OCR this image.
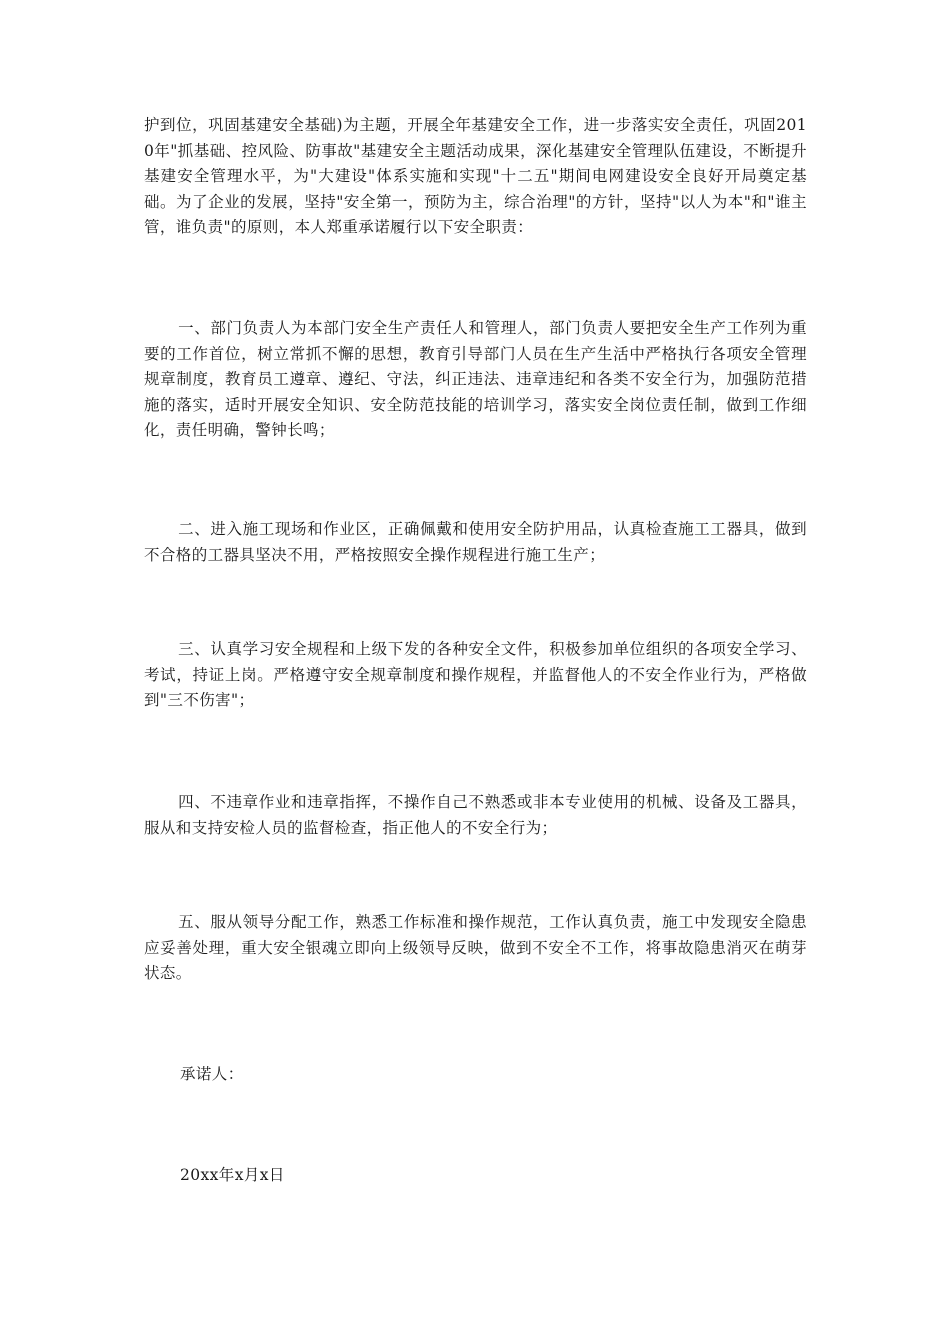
护到位，巩固基建安全基础)为主题，开展全年基建安全工作，进一步落实安全责任，巩固2010年"抓基础、控风险、防事故"基建安全主题活动成果，深化基建安全管理队伍建设，不断提升基建安全管理水平，为"大建设"体系实施和实现"十二五"期间电网建设安全良好开局奠定基础。为了企业的发展，坚持"安全第一，预防为主，综合治理"的方针，坚持"以人为本"和"谁主管，谁负责"的原则，本人郑重承诺履行以下安全职责：

一、部门负责人为本部门安全生产责任人和管理人，部门负责人要把安全生产工作列为重要的工作首位，树立常抓不懈的思想，教育引导部门人员在生产生活中严格执行各项安全管理规章制度，教育员工遵章、遵纪、守法，纠正违法、违章违纪和各类不安全行为，加强防范措施的落实，适时开展安全知识、安全防范技能的培训学习，落实安全岗位责任制，做到工作细化，责任明确，警钟长鸣；

二、进入施工现场和作业区，正确佩戴和使用安全防护用品，认真检查施工工器具，做到不合格的工器具坚决不用，严格按照安全操作规程进行施工生产；

三、认真学习安全规程和上级下发的各种安全文件，积极参加单位组织的各项安全学习、考试，持证上岗。严格遵守安全规章制度和操作规程，并监督他人的不安全作业行为，严格做到"三不伤害"；

四、不违章作业和违章指挥，不操作自己不熟悉或非本专业使用的机械、设备及工器具，服从和支持安检人员的监督检查，指正他人的不安全行为；

五、服从领导分配工作，熟悉工作标准和操作规范，工作认真负责，施工中发现安全隐患应妥善处理，重大安全银魂立即向上级领导反映，做到不安全不工作，将事故隐患消灭在萌芽状态。

承诺人：

20xx年x月x日
